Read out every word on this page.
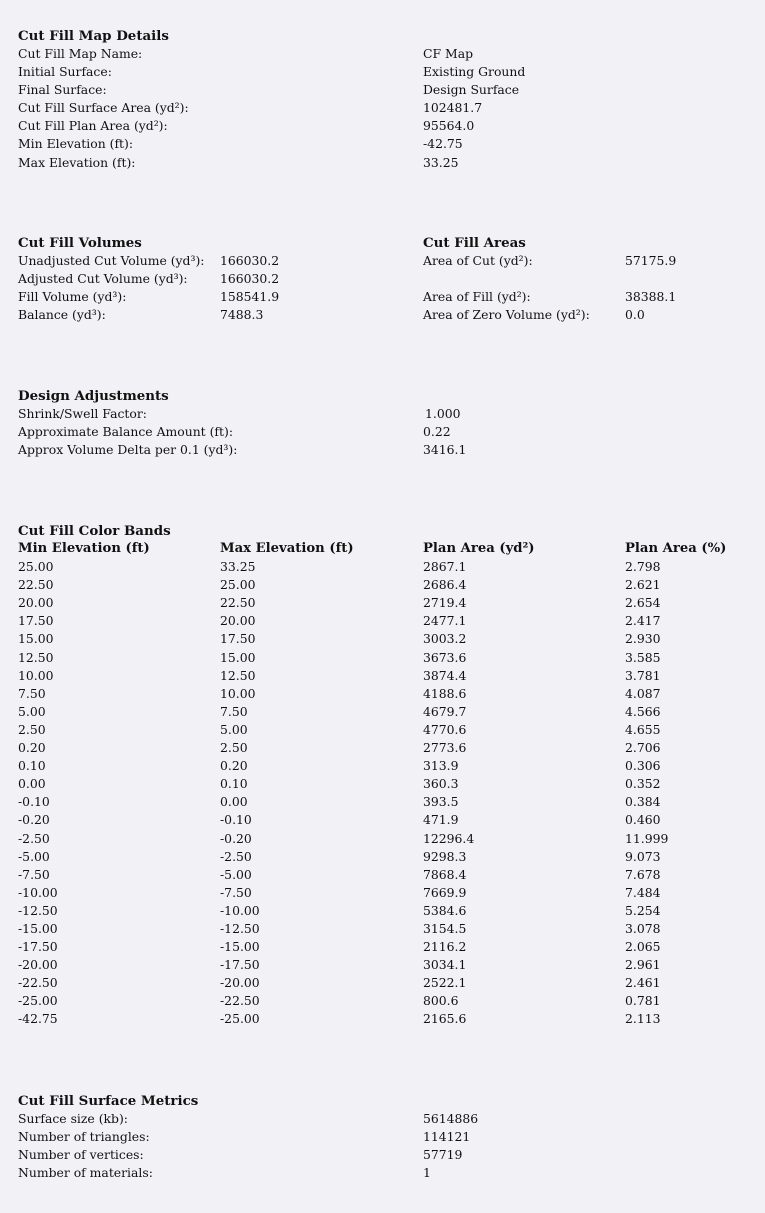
Cut Fill Map Details
Cut Fill Map Name:	CF Map
Initial Surface:	Existing Ground
Final Surface:	Design Surface
Cut Fill Surface Area (yd²):	102481.7
Cut Fill Plan Area (yd²):	95564.0
Min Elevation (ft):	-42.75
Max Elevation (ft):	33.25
Cut Fill Volumes	Cut Fill Areas
Unadjusted Cut Volume (yd³): 166030.2	Area of Cut (yd²):	57175.9
Adjusted Cut Volume (yd³):	166030.2
Fill Volume (yd³):	158541.9	Area of Fill (yd²):	38388.1
Balance (yd³):	7488.3	Area of Zero Volume (yd²):	0.0
Design Adjustments
Shrink/Swell Factor:	1.000
Approximate Balance Amount (ft):	0.22
Approx Volume Delta per 0.1 (yd³):	3416.1
Cut Fill Color Bands
Min Elevation (ft)	Max Elevation (ft)	Plan Area (yd²)	Plan Area (%)
25.00	33.25	2867.1	2.798
22.50	25.00	2686.4	2.621
20.00	22.50	2719.4	2.654
17.50	20.00	2477.1	2.417
15.00	17.50	3003.2	2.930
12.50	15.00	3673.6	3.585
10.00	12.50	3874.4	3.781
7.50	10.00	4188.6	4.087
5.00	7.50	4679.7	4.566
2.50	5.00	4770.6	4.655
0.20	2.50	2773.6	2.706
0.10	0.20	313.9	0.306
0.00	0.10	360.3	0.352
-0.10	0.00	393.5	0.384
-0.20	-0.10	471.9	0.460
-2.50	-0.20	12296.4	11.999
-5.00	-2.50	9298.3	9.073
-7.50	-5.00	7868.4	7.678
-10.00	-7.50	7669.9	7.484
-12.50	-10.00	5384.6	5.254
-15.00	-12.50	3154.5	3.078
-17.50	-15.00	2116.2	2.065
-20.00	-17.50	3034.1	2.961
-22.50	-20.00	2522.1	2.461
-25.00	-22.50	800.6	0.781
-42.75	-25.00	2165.6	2.113
Cut Fill Surface Metrics
Surface size (kb):	5614886
Number of triangles:	114121
Number of vertices:	57719
Number of materials:	1
